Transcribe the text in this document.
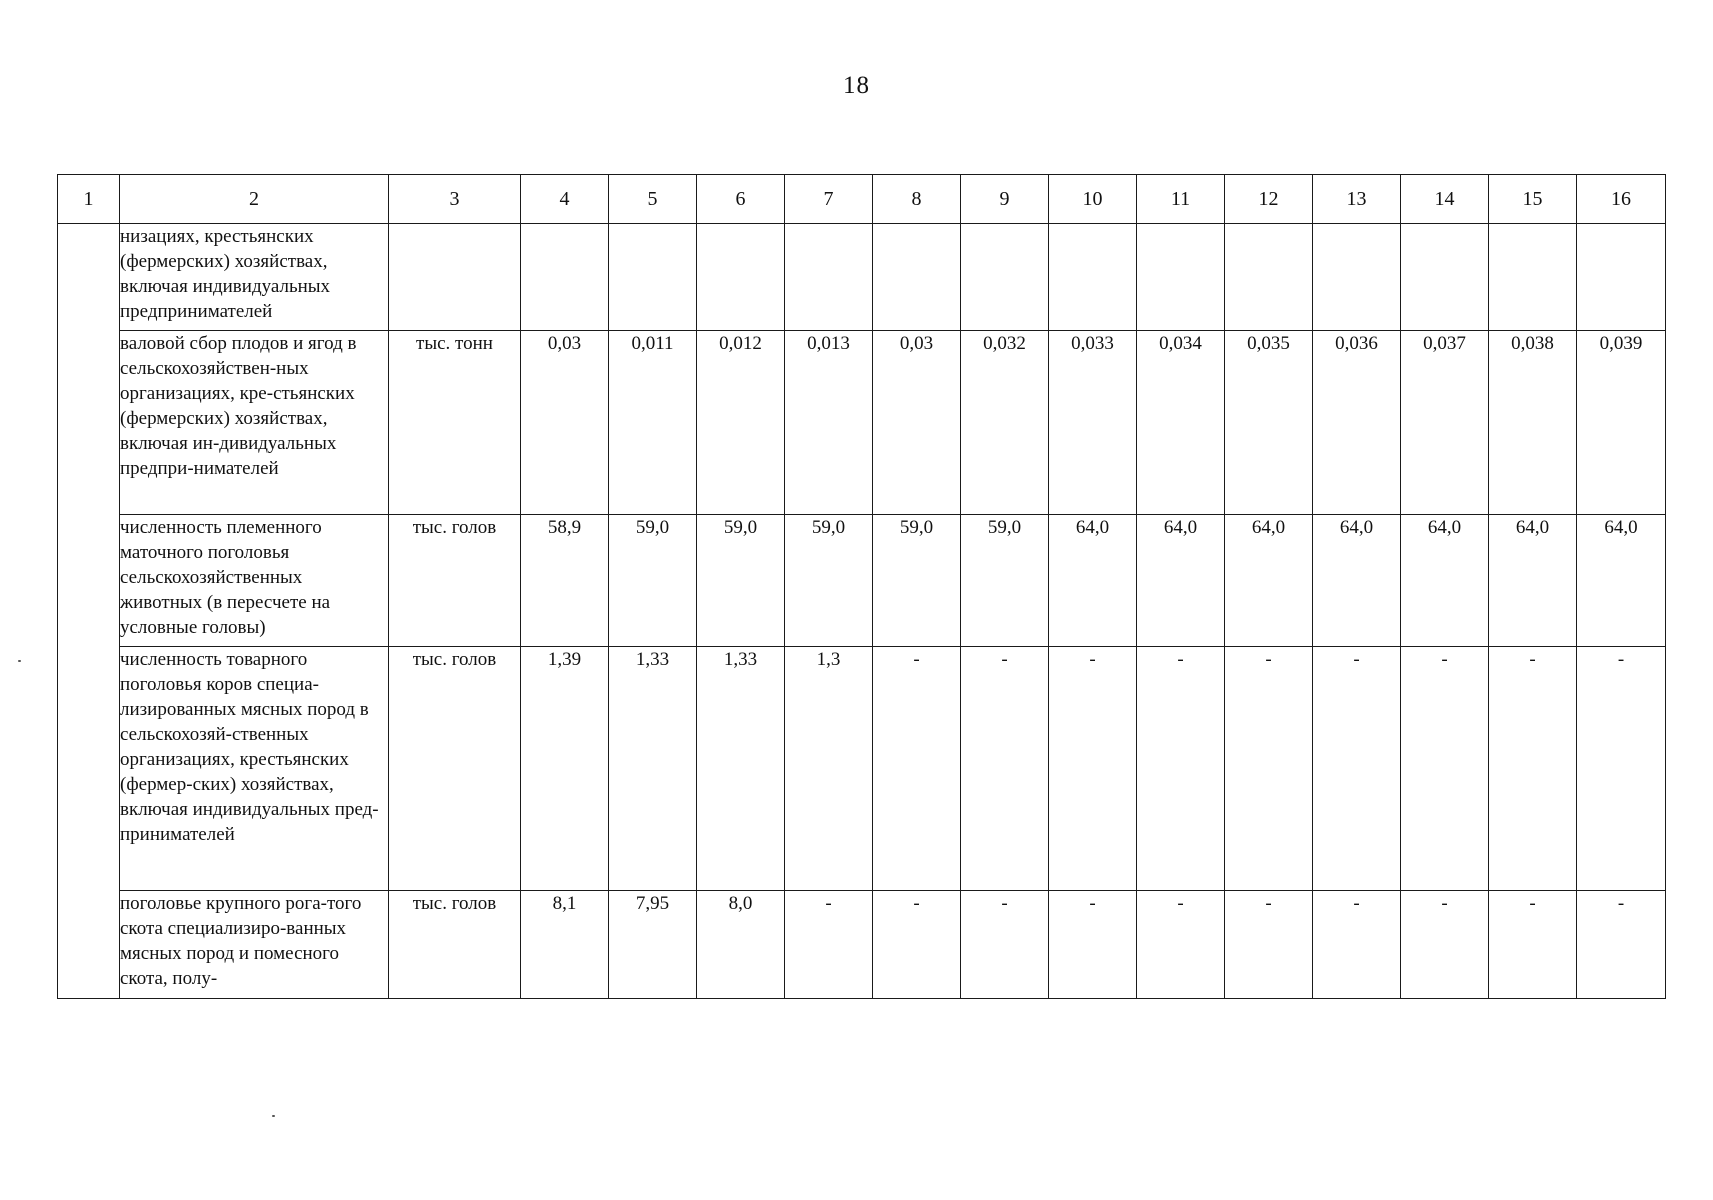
18
1	2	3	4	5	6	7	8	9	10	11	12	13	14	15	16
	низациях, крестьянских (фермерских) хозяйствах, включая индивидуальных предпринимателей														
	валовой сбор плодов и ягод в сельскохозяйствен-ных организациях, кре-стьянских (фермерских) хозяйствах, включая ин-дивидуальных предпри-нимателей	тыс. тонн	0,03	0,011	0,012	0,013	0,03	0,032	0,033	0,034	0,035	0,036	0,037	0,038	0,039
	численность племенного маточного поголовья сельскохозяйственных животных (в пересчете на условные головы)	тыс. голов	58,9	59,0	59,0	59,0	59,0	59,0	64,0	64,0	64,0	64,0	64,0	64,0	64,0
	численность товарного поголовья коров специа-лизированных мясных пород в сельскохозяй-ственных организациях, крестьянских (фермер-ских) хозяйствах, включая индивидуальных пред-принимателей	тыс. голов	1,39	1,33	1,33	1,3	-	-	-	-	-	-	-	-	-
	поголовье крупного рога-того скота специализиро-ванных мясных пород и помесного скота, полу-	тыс. голов	8,1	7,95	8,0	-	-	-	-	-	-	-	-	-	-
